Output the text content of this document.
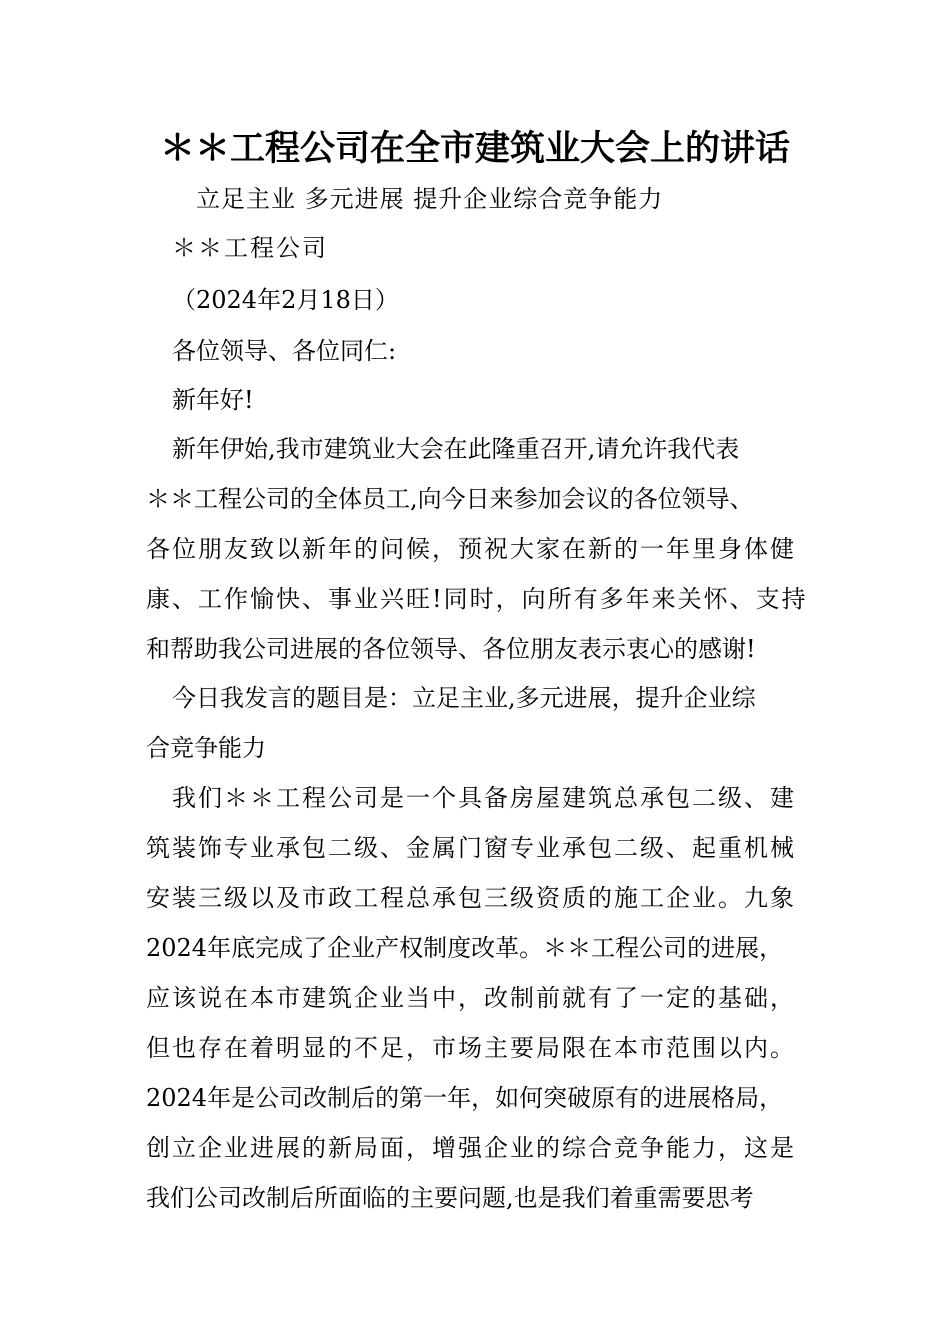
＊＊工程公司在全市建筑业大会上的讲话
立足主业 多元进展 提升企业综合竞争能力
＊＊工程公司
（2024年2月18日）
各位领导、各位同仁:
新年好!
新年伊始,我市建筑业大会在此隆重召开,请允许我代表
＊＊工程公司的全体员工,向今日来参加会议的各位领导、
各位朋友致以新年的问候，预祝大家在新的一年里身体健
康、工作愉快、事业兴旺!同时，向所有多年来关怀、支持
和帮助我公司进展的各位领导、各位朋友表示衷心的感谢!
今日我发言的题目是：立足主业,多元进展，提升企业综
合竞争能力
我们＊＊工程公司是一个具备房屋建筑总承包二级、建
筑装饰专业承包二级、金属门窗专业承包二级、起重机械
安装三级以及市政工程总承包三级资质的施工企业。九象
2024年底完成了企业产权制度改革。＊＊工程公司的进展，
应该说在本市建筑企业当中，改制前就有了一定的基础，
但也存在着明显的不足，市场主要局限在本市范围以内。
2024年是公司改制后的第一年，如何突破原有的进展格局，
创立企业进展的新局面，增强企业的综合竞争能力，这是
我们公司改制后所面临的主要问题,也是我们着重需要思考
